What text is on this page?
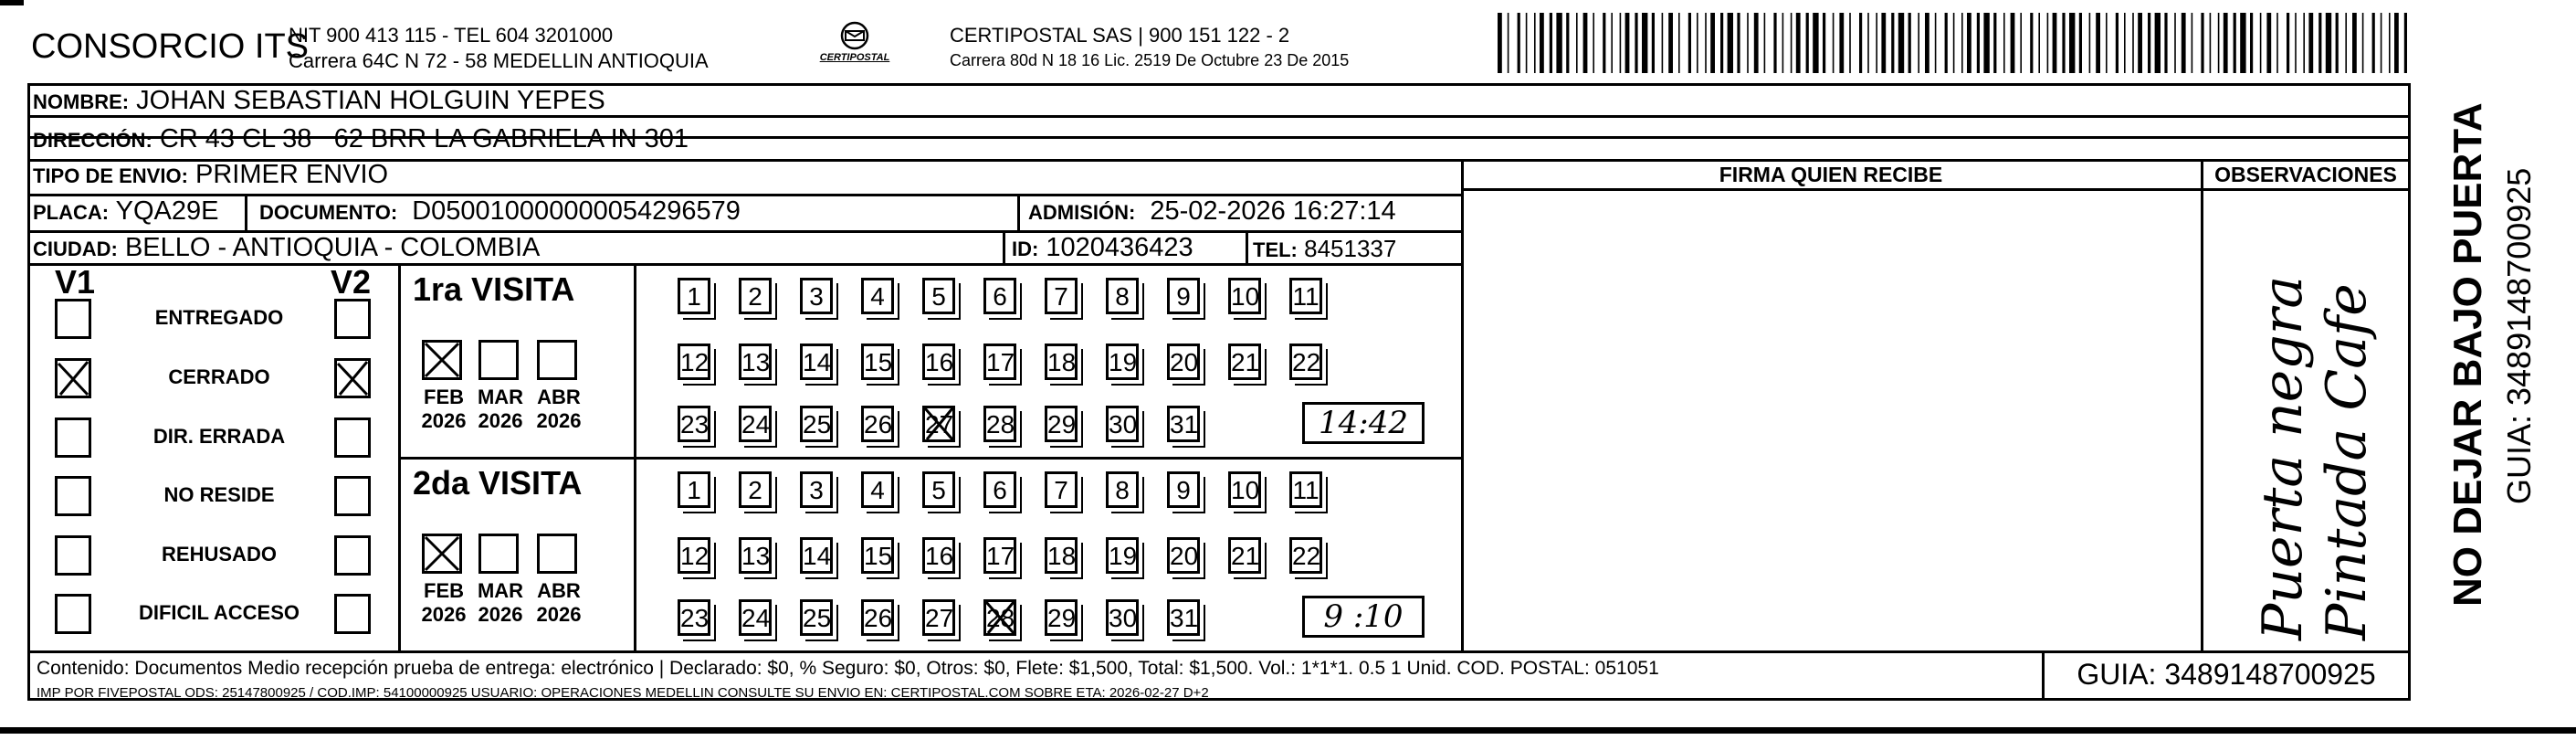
CONSORCIO ITS
NIT 900 413 115 - TEL 604 3201000
Carrera 64C N 72 - 58 MEDELLIN ANTIOQUIA	CERTIPOSTAL
CERTIPOSTAL SAS | 900 151 122 - 2
Carrera 80d N 18 16 Lic. 2519 De Octubre 23 De 2015
NOMBRE: JOHAN SEBASTIAN HOLGUIN YEPES
DIRECCIÓN: CR 43 CL 38   62 BRR LA GABRIELA IN 301
TIPO DE ENVIO: PRIMER ENVIO
PLACA: YQA29E DOCUMENTO: D050010000000054296579	ADMISIÓN: 25-02-2026 16:27:14
CIUDAD: BELLO - ANTIOQUIA - COLOMBIA	ID: 1020436423	TEL: 8451337
FIRMA QUIEN RECIBE	OBSERVACIONES
Puerta negra Pintada Cafe
V1	V2
ENTREGADO
CERRADO
DIR. ERRADA
NO RESIDE
REHUSADO
DIFICIL ACCESO
1ra VISITA
FEB
2026
MAR
2026
ABR
2026
1	2	3	4	5	6	7	8	9	10 11
12 13 14 15 16 17 18 19 20 21 22
23 24 25 26 27 28 29 30 31	14:42
2da VISITA
FEB
2026
MAR
2026
ABR
2026
1	2	3	4	5	6	7	8	9	10 11
12 13 14 15 16 17 18 19 20 21 22
23 24 25 26 27 28 29 30 31	9 :10
NO DEJAR BAJO PUERTA GUIA: 3489148700925
Contenido: Documentos Medio recepción prueba de entrega: electrónico | Declarado: $0, % Seguro: $0, Otros: $0, Flete: $1,500, Total: $1,500. Vol.: 1*1*1. 0.5 1 Unid. COD. POSTAL: 051051
IMP POR FIVEPOSTAL ODS: 25147800925 / COD.IMP: 54100000925 USUARIO: OPERACIONES MEDELLIN CONSULTE SU ENVIO EN: CERTIPOSTAL.COM SOBRE ETA: 2026-02-27 D+2
GUIA: 3489148700925
